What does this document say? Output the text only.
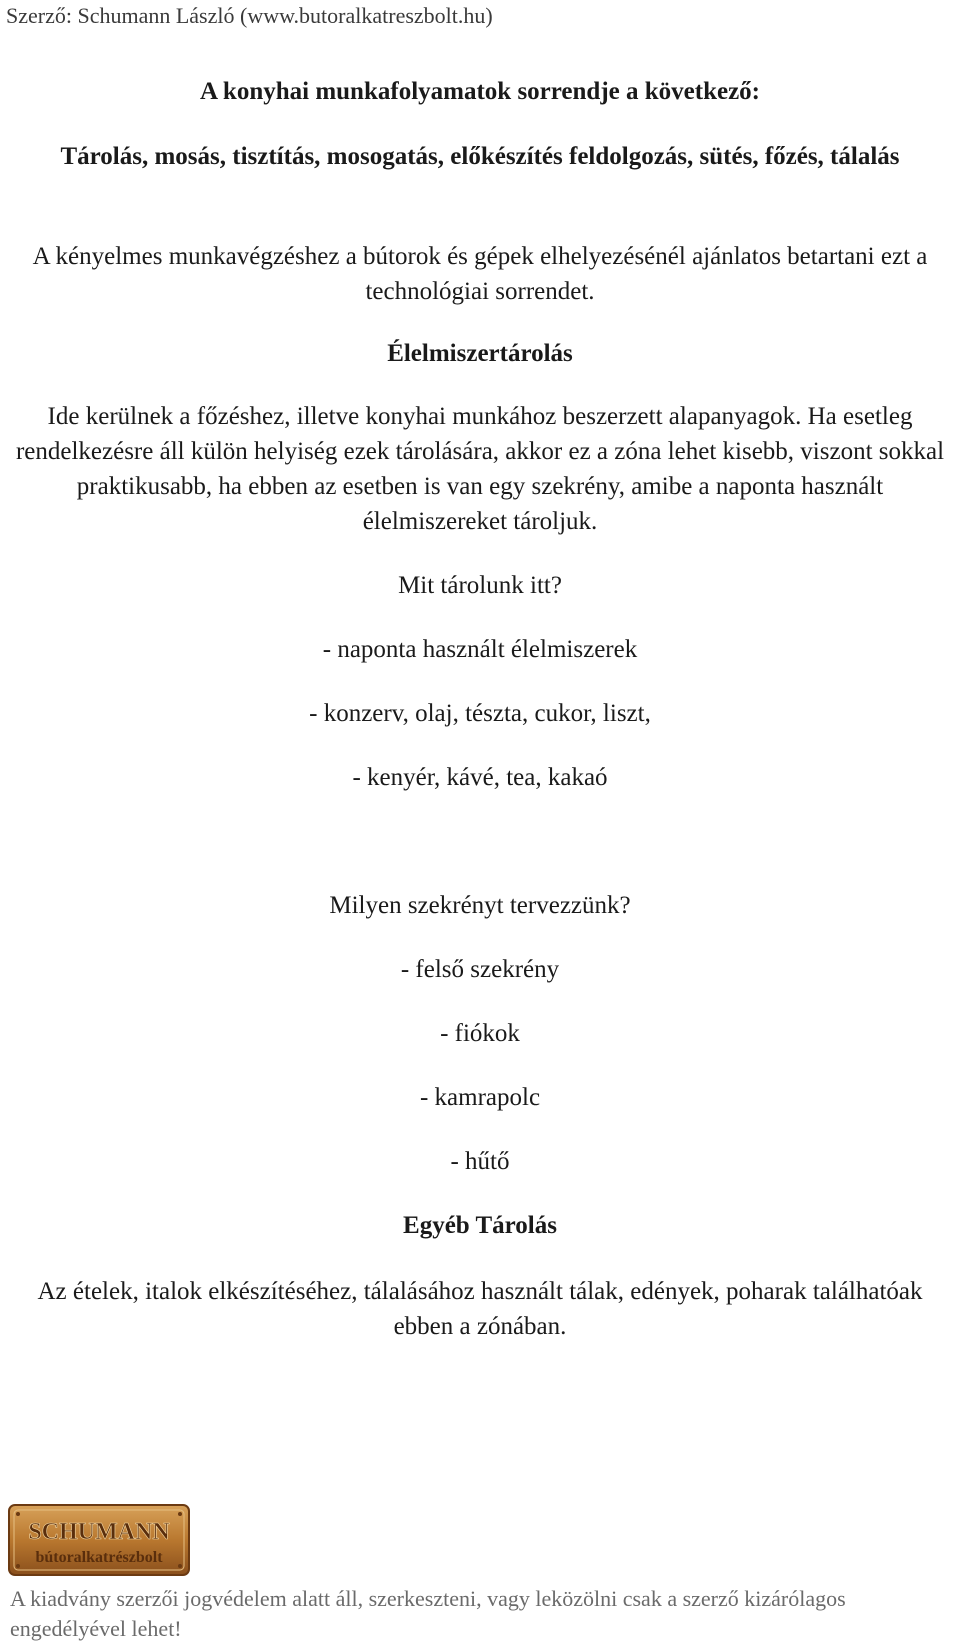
Szerző: Schumann László (www.butoralkatreszbolt.hu)
A konyhai munkafolyamatok sorrendje a következő:
Tárolás, mosás, tisztítás, mosogatás, előkészítés feldolgozás, sütés, főzés, tálalás
A kényelmes munkavégzéshez a bútorok és gépek elhelyezésénél ajánlatos betartani ezt a technológiai sorrendet.
Élelmiszertárolás
Ide kerülnek a főzéshez, illetve konyhai munkához beszerzett alapanyagok. Ha esetleg rendelkezésre áll külön helyiség ezek tárolására, akkor ez a zóna lehet kisebb, viszont sokkal praktikusabb, ha ebben az esetben is van egy szekrény, amibe a naponta használt élelmiszereket tároljuk.
Mit tárolunk itt?
- naponta használt élelmiszerek
- konzerv, olaj, tészta, cukor, liszt,
- kenyér, kávé, tea, kakaó
Milyen szekrényt tervezzünk?
- felső szekrény
- fiókok
- kamrapolc
- hűtő
Egyéb Tárolás
Az ételek, italok elkészítéséhez, tálalásához használt tálak, edények, poharak találhatóak ebben a zónában.
SCHUMANN
bútoralkatrészbolt
A kiadvány szerzői jogvédelem alatt áll, szerkeszteni, vagy leközölni csak a szerző kizárólagos engedélyével lehet!
